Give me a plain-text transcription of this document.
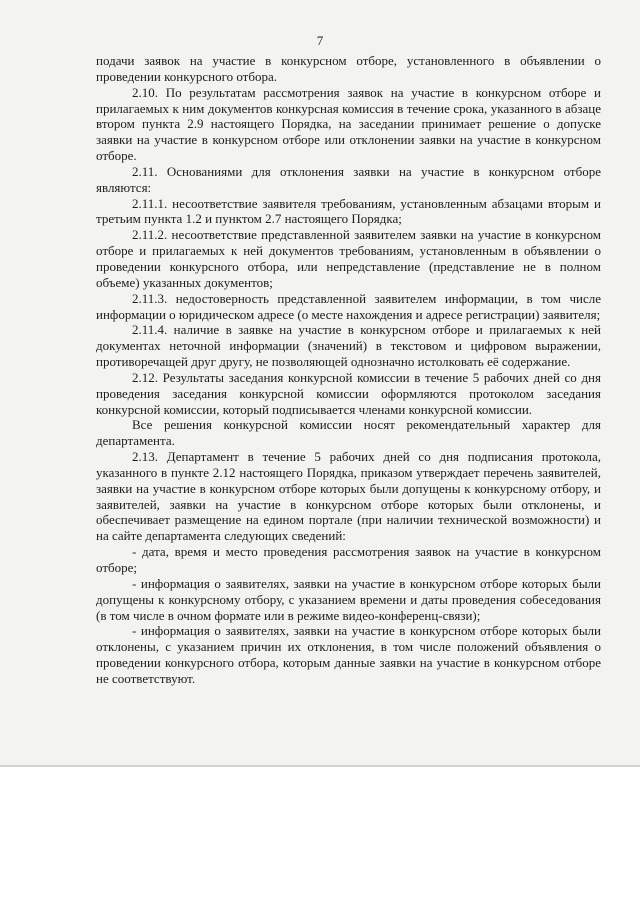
7

подачи заявок на участие в конкурсном отборе, установленного в объявлении о проведении конкурсного отбора.

2.10. По результатам рассмотрения заявок на участие в конкурсном отборе и прилагаемых к ним документов конкурсная комиссия в течение срока, указанного в абзаце втором пункта 2.9 настоящего Порядка, на заседании принимает решение о допуске заявки на участие в конкурсном отборе или отклонении заявки на участие в конкурсном отборе.

2.11. Основаниями для отклонения заявки на участие в конкурсном отборе являются:

2.11.1. несоответствие заявителя требованиям, установленным абзацами вторым и третьим пункта 1.2 и пунктом 2.7 настоящего Порядка;

2.11.2. несоответствие представленной заявителем заявки на участие в конкурсном отборе и прилагаемых к ней документов требованиям, установленным в объявлении о проведении конкурсного отбора, или непредставление (представление не в полном объеме) указанных документов;

2.11.3. недостоверность представленной заявителем информации, в том числе информации о юридическом адресе (о месте нахождения и адресе регистрации) заявителя;

2.11.4. наличие в заявке на участие в конкурсном отборе и прилагаемых к ней документах неточной информации (значений) в текстовом и цифровом выражении, противоречащей друг другу, не позволяющей однозначно истолковать её содержание.

2.12. Результаты заседания конкурсной комиссии в течение 5 рабочих дней со дня проведения заседания конкурсной комиссии оформляются протоколом заседания конкурсной комиссии, который подписывается членами конкурсной комиссии.

Все решения конкурсной комиссии носят рекомендательный характер для департамента.

2.13. Департамент в течение 5 рабочих дней со дня подписания протокола, указанного в пункте 2.12 настоящего Порядка, приказом утверждает перечень заявителей, заявки на участие в конкурсном отборе которых были допущены к конкурсному отбору, и заявителей, заявки на участие в конкурсном отборе которых были отклонены, и обеспечивает размещение на едином портале (при наличии технической возможности) и на сайте департамента следующих сведений:

- дата, время и место проведения рассмотрения заявок на участие в конкурсном отборе;

- информация о заявителях, заявки на участие в конкурсном отборе которых были допущены к конкурсному отбору, с указанием времени и даты проведения собеседования (в том числе в очном формате или в режиме видео-конференц-связи);

- информация о заявителях, заявки на участие в конкурсном отборе которых были отклонены, с указанием причин их отклонения, в том числе положений объявления о проведении конкурсного отбора, которым данные заявки на участие в конкурсном отборе не соответствуют.
